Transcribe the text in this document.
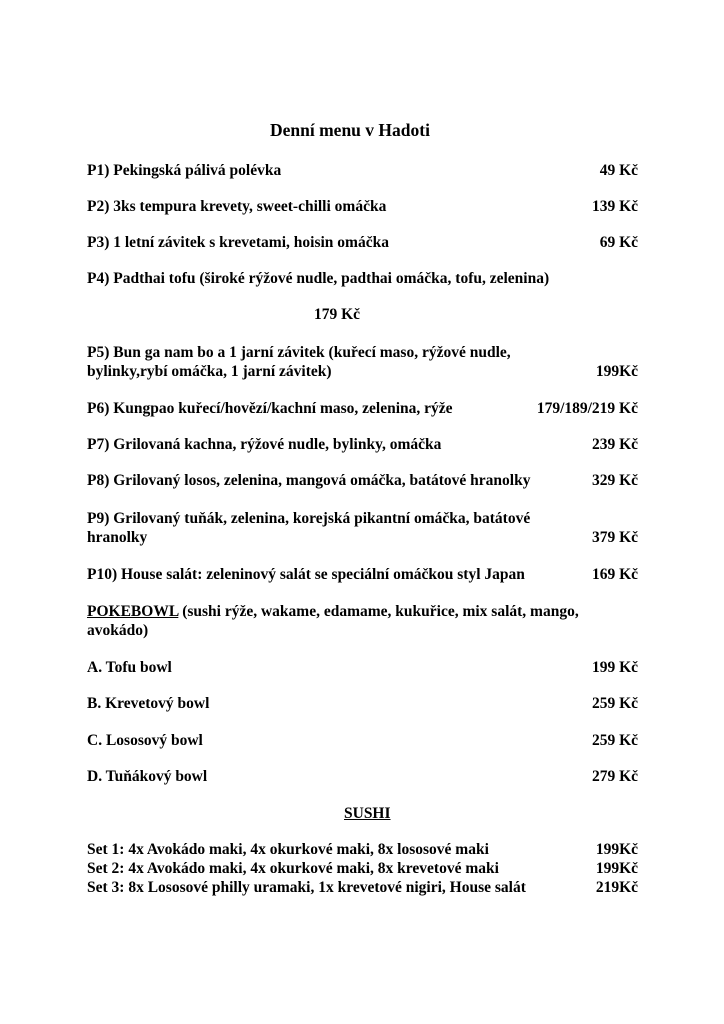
Denní menu v Hadoti
P1) Pekingská pálivá polévka	49 Kč
P2) 3ks tempura krevety, sweet-chilli omáčka	139 Kč
P3) 1 letní závitek s krevetami, hoisin omáčka	69 Kč
P4) Padthai tofu (široké rýžové nudle, padthai omáčka, tofu, zelenina)
179 Kč
P5) Bun ga nam bo a 1 jarní závitek (kuřecí maso, rýžové nudle,
bylinky,rybí omáčka, 1 jarní závitek)	199Kč
P6) Kungpao kuřecí/hovězí/kachní maso, zelenina, rýže	179/189/219 Kč
P7) Grilovaná kachna, rýžové nudle, bylinky, omáčka	239 Kč
P8) Grilovaný losos, zelenina, mangová omáčka, batátové hranolky	329 Kč
P9) Grilovaný tuňák, zelenina, korejská pikantní omáčka, batátové
hranolky	379 Kč
P10) House salát: zeleninový salát se speciální omáčkou styl Japan	169 Kč
POKEBOWL (sushi rýže, wakame, edamame, kukuřice, mix salát, mango,
avokádo)
A. Tofu bowl	199 Kč
B. Krevetový bowl	259 Kč
C. Lososový bowl	259 Kč
D. Tuňákový bowl	279 Kč
SUSHI
Set 1: 4x Avokádo maki, 4x okurkové maki, 8x lososové maki	199Kč
Set 2: 4x Avokádo maki, 4x okurkové maki, 8x krevetové maki	199Kč
Set 3: 8x Lososové philly uramaki, 1x krevetové nigiri, House salát	219Kč
